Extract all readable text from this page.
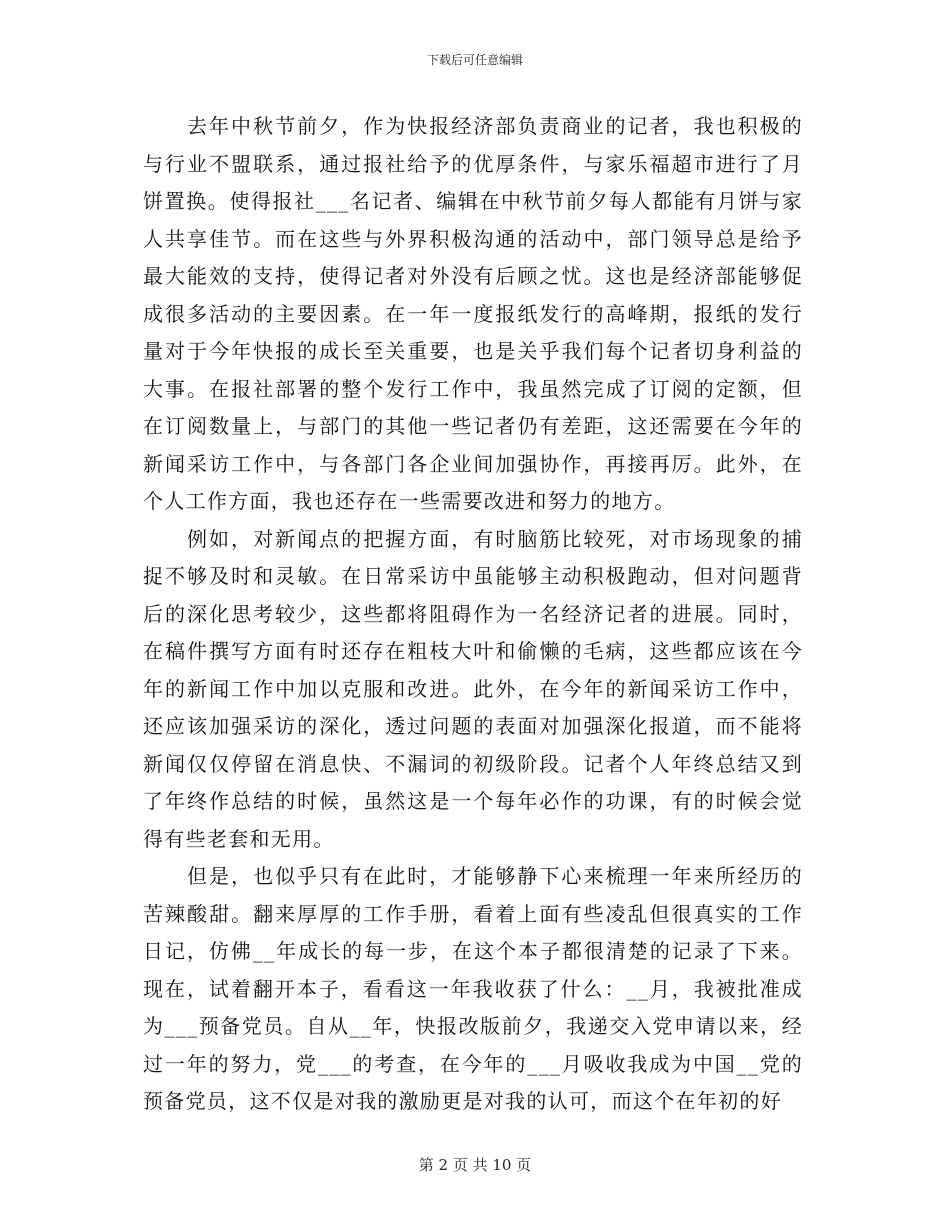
下载后可任意编辑

去年中秋节前夕，作为快报经济部负责商业的记者，我也积极的与行业不盟联系，通过报社给予的优厚条件，与家乐福超市进行了月饼置换。使得报社___名记者、编辑在中秋节前夕每人都能有月饼与家人共享佳节。而在这些与外界积极沟通的活动中，部门领导总是给予最大能效的支持，使得记者对外没有后顾之忧。这也是经济部能够促成很多活动的主要因素。在一年一度报纸发行的高峰期，报纸的发行量对于今年快报的成长至关重要，也是关乎我们每个记者切身利益的大事。在报社部署的整个发行工作中，我虽然完成了订阅的定额，但在订阅数量上，与部门的其他一些记者仍有差距，这还需要在今年的新闻采访工作中，与各部门各企业间加强协作，再接再厉。此外，在个人工作方面，我也还存在一些需要改进和努力的地方。

例如，对新闻点的把握方面，有时脑筋比较死，对市场现象的捕捉不够及时和灵敏。在日常采访中虽能够主动积极跑动，但对问题背后的深化思考较少，这些都将阻碍作为一名经济记者的进展。同时，在稿件撰写方面有时还存在粗枝大叶和偷懒的毛病，这些都应该在今年的新闻工作中加以克服和改进。此外，在今年的新闻采访工作中，还应该加强采访的深化，透过问题的表面对加强深化报道，而不能将新闻仅仅停留在消息快、不漏词的初级阶段。记者个人年终总结又到了年终作总结的时候，虽然这是一个每年必作的功课，有的时候会觉得有些老套和无用。

但是，也似乎只有在此时，才能够静下心来梳理一年来所经历的苦辣酸甜。翻来厚厚的工作手册，看着上面有些凌乱但很真实的工作日记，仿佛__年成长的每一步，在这个本子都很清楚的记录了下来。现在，试着翻开本子，看看这一年我收获了什么：__月，我被批准成为___预备党员。自从__年，快报改版前夕，我递交入党申请以来，经过一年的努力，党___的考查，在今年的___月吸收我成为中国__党的预备党员，这不仅是对我的激励更是对我的认可，而这个在年初的好

第 2 页 共 10 页
